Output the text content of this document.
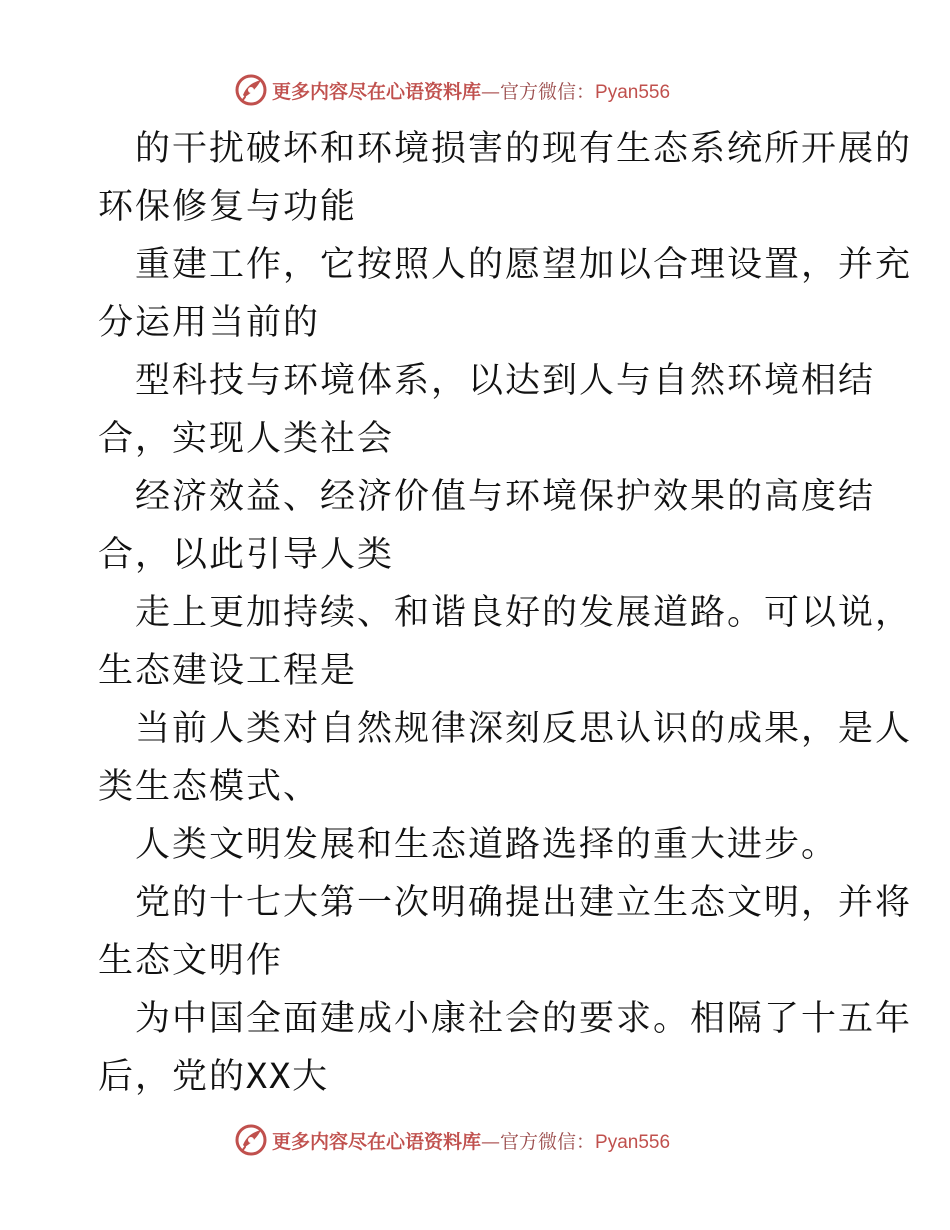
更多内容尽在心语资料库—官方微信：Pyan556
的干扰破坏和环境损害的现有生态系统所开展的
环保修复与功能
重建工作，它按照人的愿望加以合理设置，并充
分运用当前的
型科技与环境体系，以达到人与自然环境相结
合，实现人类社会
经济效益、经济价值与环境保护效果的高度结
合，以此引导人类
走上更加持续、和谐良好的发展道路。可以说，
生态建设工程是
当前人类对自然规律深刻反思认识的成果，是人
类生态模式、
人类文明发展和生态道路选择的重大进步。
党的十七大第一次明确提出建立生态文明，并将
生态文明作
为中国全面建成小康社会的要求。相隔了十五年
后，党的XX大
更多内容尽在心语资料库—官方微信：Pyan556
